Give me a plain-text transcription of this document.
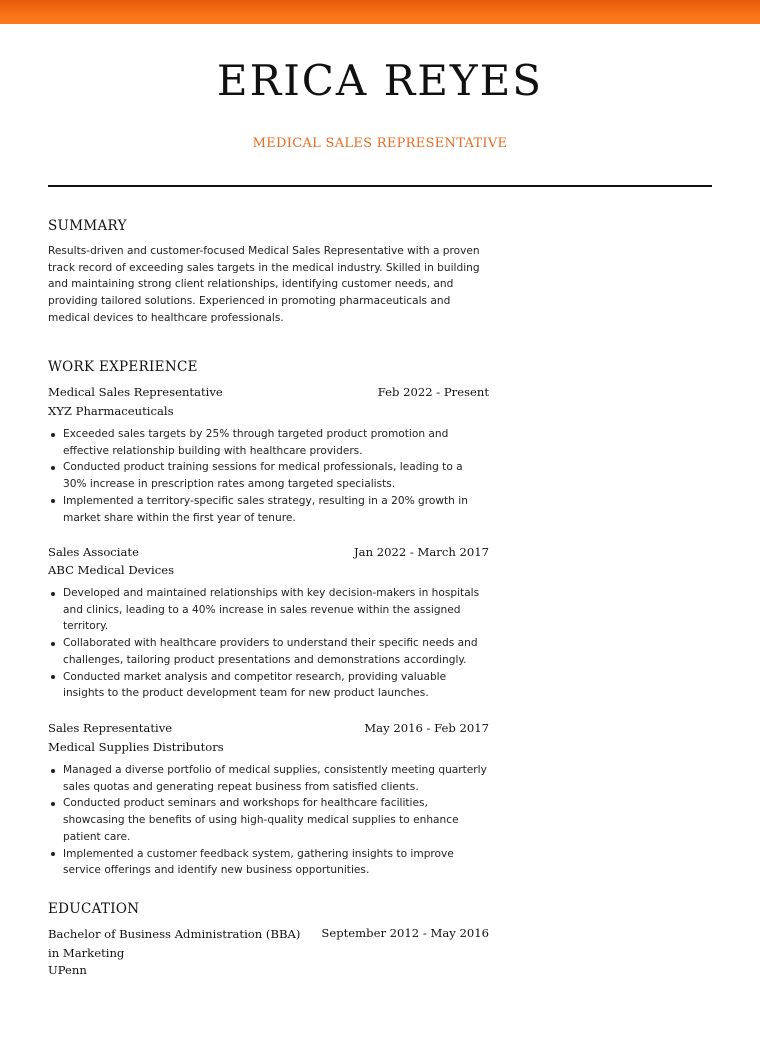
ERICA REYES
MEDICAL SALES REPRESENTATIVE
SUMMARY
Results-driven and customer-focused Medical Sales Representative with a proven track record of exceeding sales targets in the medical industry. Skilled in building and maintaining strong client relationships, identifying customer needs, and providing tailored solutions. Experienced in promoting pharmaceuticals and medical devices to healthcare professionals.
WORK EXPERIENCE
Medical Sales Representative	Feb 2022 - Present
XYZ Pharmaceuticals
Exceeded sales targets by 25% through targeted product promotion and effective relationship building with healthcare providers.
Conducted product training sessions for medical professionals, leading to a 30% increase in prescription rates among targeted specialists.
Implemented a territory-specific sales strategy, resulting in a 20% growth in market share within the first year of tenure.
Sales Associate	Jan 2022 - March 2017
ABC Medical Devices
Developed and maintained relationships with key decision-makers in hospitals and clinics, leading to a 40% increase in sales revenue within the assigned territory.
Collaborated with healthcare providers to understand their specific needs and challenges, tailoring product presentations and demonstrations accordingly.
Conducted market analysis and competitor research, providing valuable insights to the product development team for new product launches.
Sales Representative	May 2016 - Feb 2017
Medical Supplies Distributors
Managed a diverse portfolio of medical supplies, consistently meeting quarterly sales quotas and generating repeat business from satisfied clients.
Conducted product seminars and workshops for healthcare facilities, showcasing the benefits of using high-quality medical supplies to enhance patient care.
Implemented a customer feedback system, gathering insights to improve service offerings and identify new business opportunities.
EDUCATION
Bachelor of Business Administration (BBA) in Marketing
September 2012 - May 2016
UPenn
